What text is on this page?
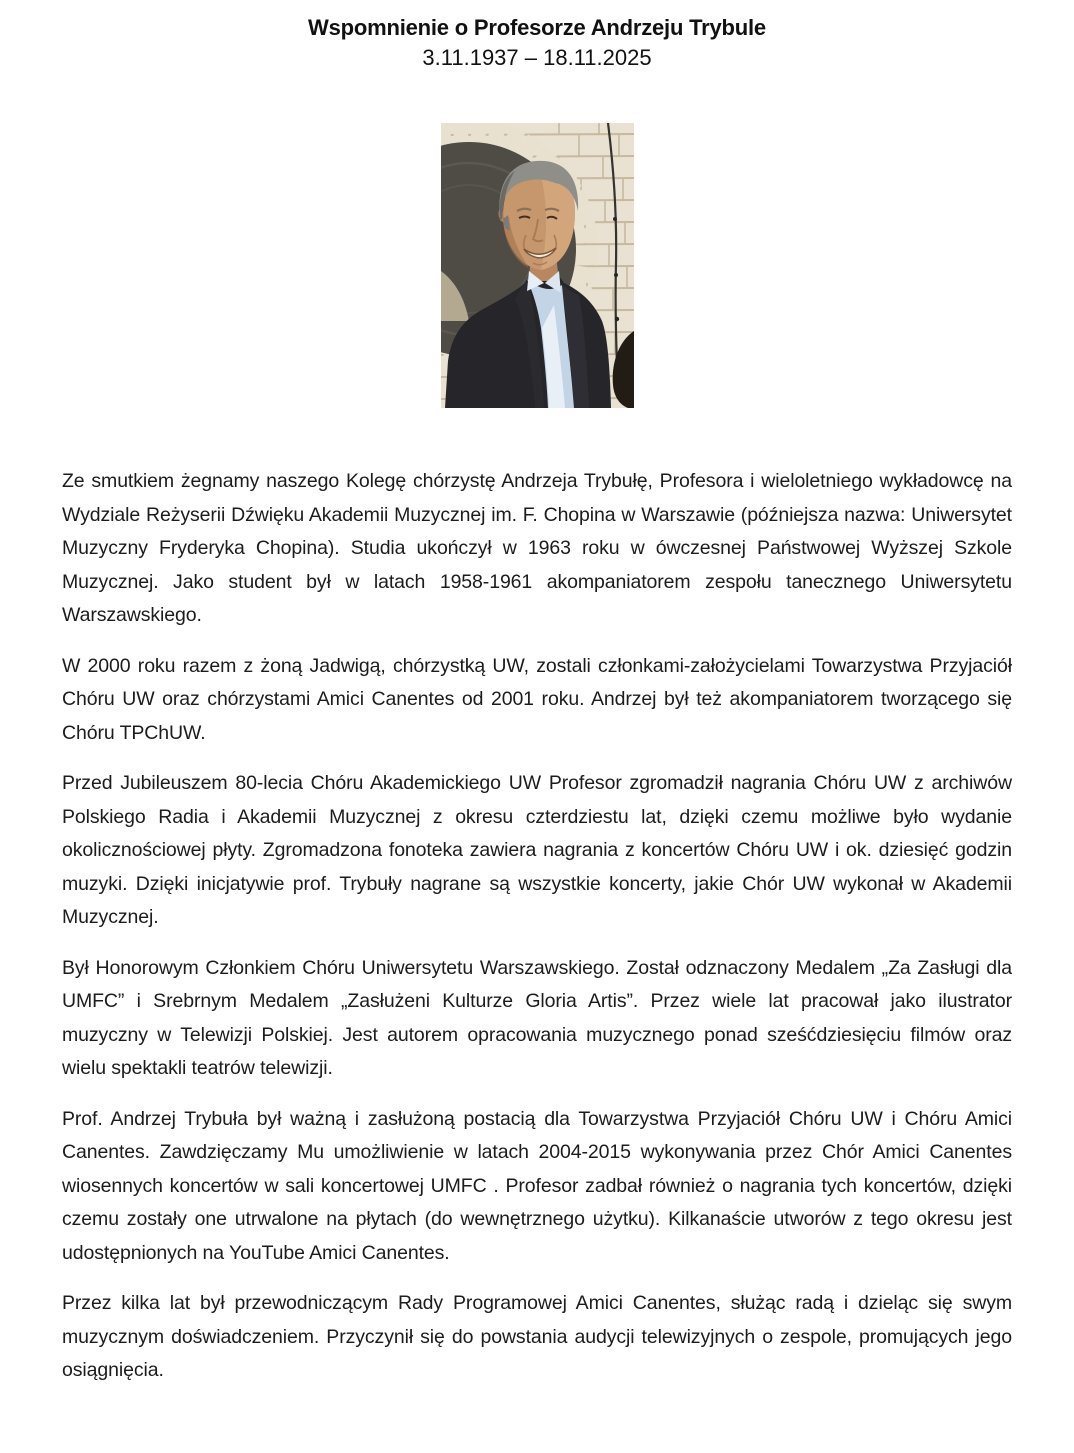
Wspomnienie o Profesorze Andrzeju Trybule
3.11.1937 – 18.11.2025

Ze smutkiem żegnamy naszego Kolegę chórzystę Andrzeja Trybułę, Profesora i wieloletniego wykładowcę na Wydziale Reżyserii Dźwięku Akademii Muzycznej im. F. Chopina w Warszawie (późniejsza nazwa: Uniwersytet Muzyczny Fryderyka Chopina). Studia ukończył w 1963 roku w ówczesnej Państwowej Wyższej Szkole Muzycznej. Jako student był w latach 1958-1961 akompaniatorem zespołu tanecznego Uniwersytetu Warszawskiego.

W 2000 roku razem z żoną Jadwigą, chórzystką UW, zostali członkami-założycielami Towarzystwa Przyjaciół Chóru UW oraz chórzystami Amici Canentes od 2001 roku. Andrzej był też akompaniatorem tworzącego się Chóru TPChUW.

Przed Jubileuszem 80-lecia Chóru Akademickiego UW Profesor zgromadził nagrania Chóru UW z archiwów Polskiego Radia i Akademii Muzycznej z okresu czterdziestu lat, dzięki czemu możliwe było wydanie okolicznościowej płyty. Zgromadzona fonoteka zawiera nagrania z koncertów Chóru UW i ok. dziesięć godzin muzyki. Dzięki inicjatywie prof. Trybuły nagrane są wszystkie koncerty, jakie Chór UW wykonał w Akademii Muzycznej.

Był Honorowym Członkiem Chóru Uniwersytetu Warszawskiego. Został odznaczony Medalem „Za Zasługi dla UMFC” i Srebrnym Medalem „Zasłużeni Kulturze Gloria Artis”. Przez wiele lat pracował jako ilustrator muzyczny w Telewizji Polskiej. Jest autorem opracowania muzycznego ponad sześćdziesięciu filmów oraz wielu spektakli teatrów telewizji.

Prof. Andrzej Trybuła był ważną i zasłużoną postacią dla Towarzystwa Przyjaciół Chóru UW i Chóru Amici Canentes. Zawdzięczamy Mu umożliwienie w latach 2004-2015 wykonywania przez Chór Amici Canentes wiosennych koncertów w sali koncertowej UMFC . Profesor zadbał również o nagrania tych koncertów, dzięki czemu zostały one utrwalone na płytach (do wewnętrznego użytku). Kilkanaście utworów z tego okresu jest udostępnionych na YouTube Amici Canentes.

Przez kilka lat był przewodniczącym Rady Programowej Amici Canentes, służąc radą i dzieląc się swym muzycznym doświadczeniem. Przyczynił się do powstania audycji telewizyjnych o zespole, promujących jego osiągnięcia.
